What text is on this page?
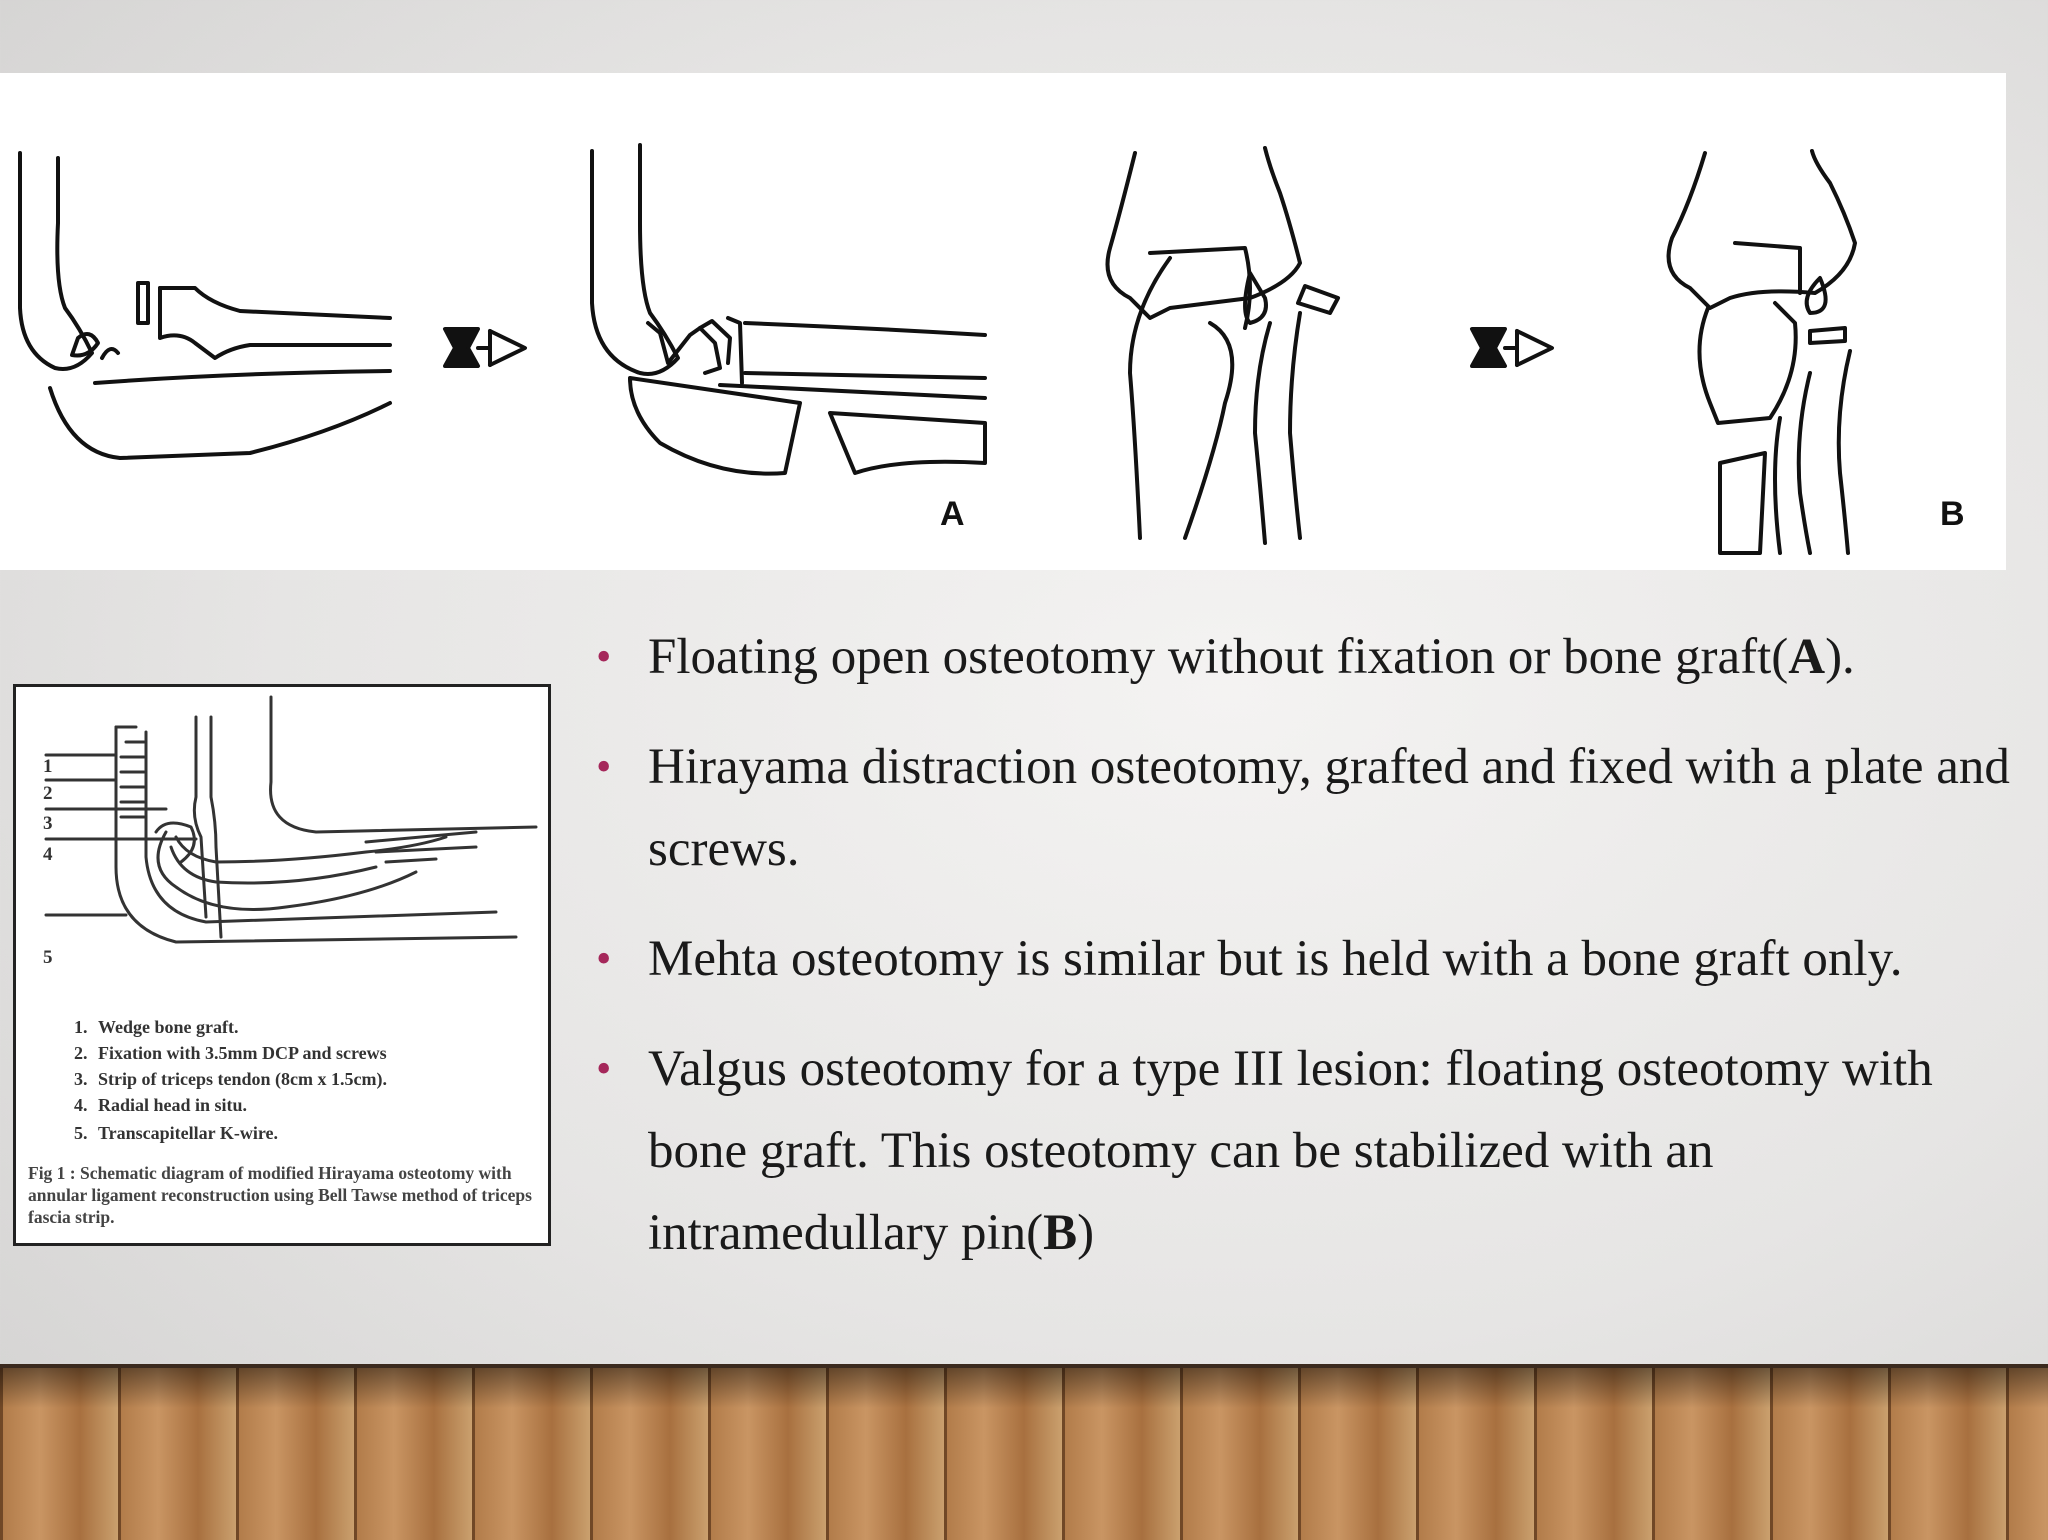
A	B
1
2
3
4
5
1. Wedge bone graft.
2. Fixation with 3.5mm DCP and screws
3. Strip of triceps tendon (8cm x 1.5cm).
4. Radial head in situ.
5. Transcapitellar K-wire.
Fig 1 : Schematic diagram of modified Hirayama osteotomy with annular ligament reconstruction using Bell Tawse method of triceps fascia strip.
• Floating open osteotomy without fixation or bone graft(A).
• Hirayama distraction osteotomy, grafted and fixed with a plate and screws.
• Mehta osteotomy is similar but is held with a bone graft only.
• Valgus osteotomy for a type III lesion: floating osteotomy with bone graft. This osteotomy can be stabilized with an intramedullary pin(B)
